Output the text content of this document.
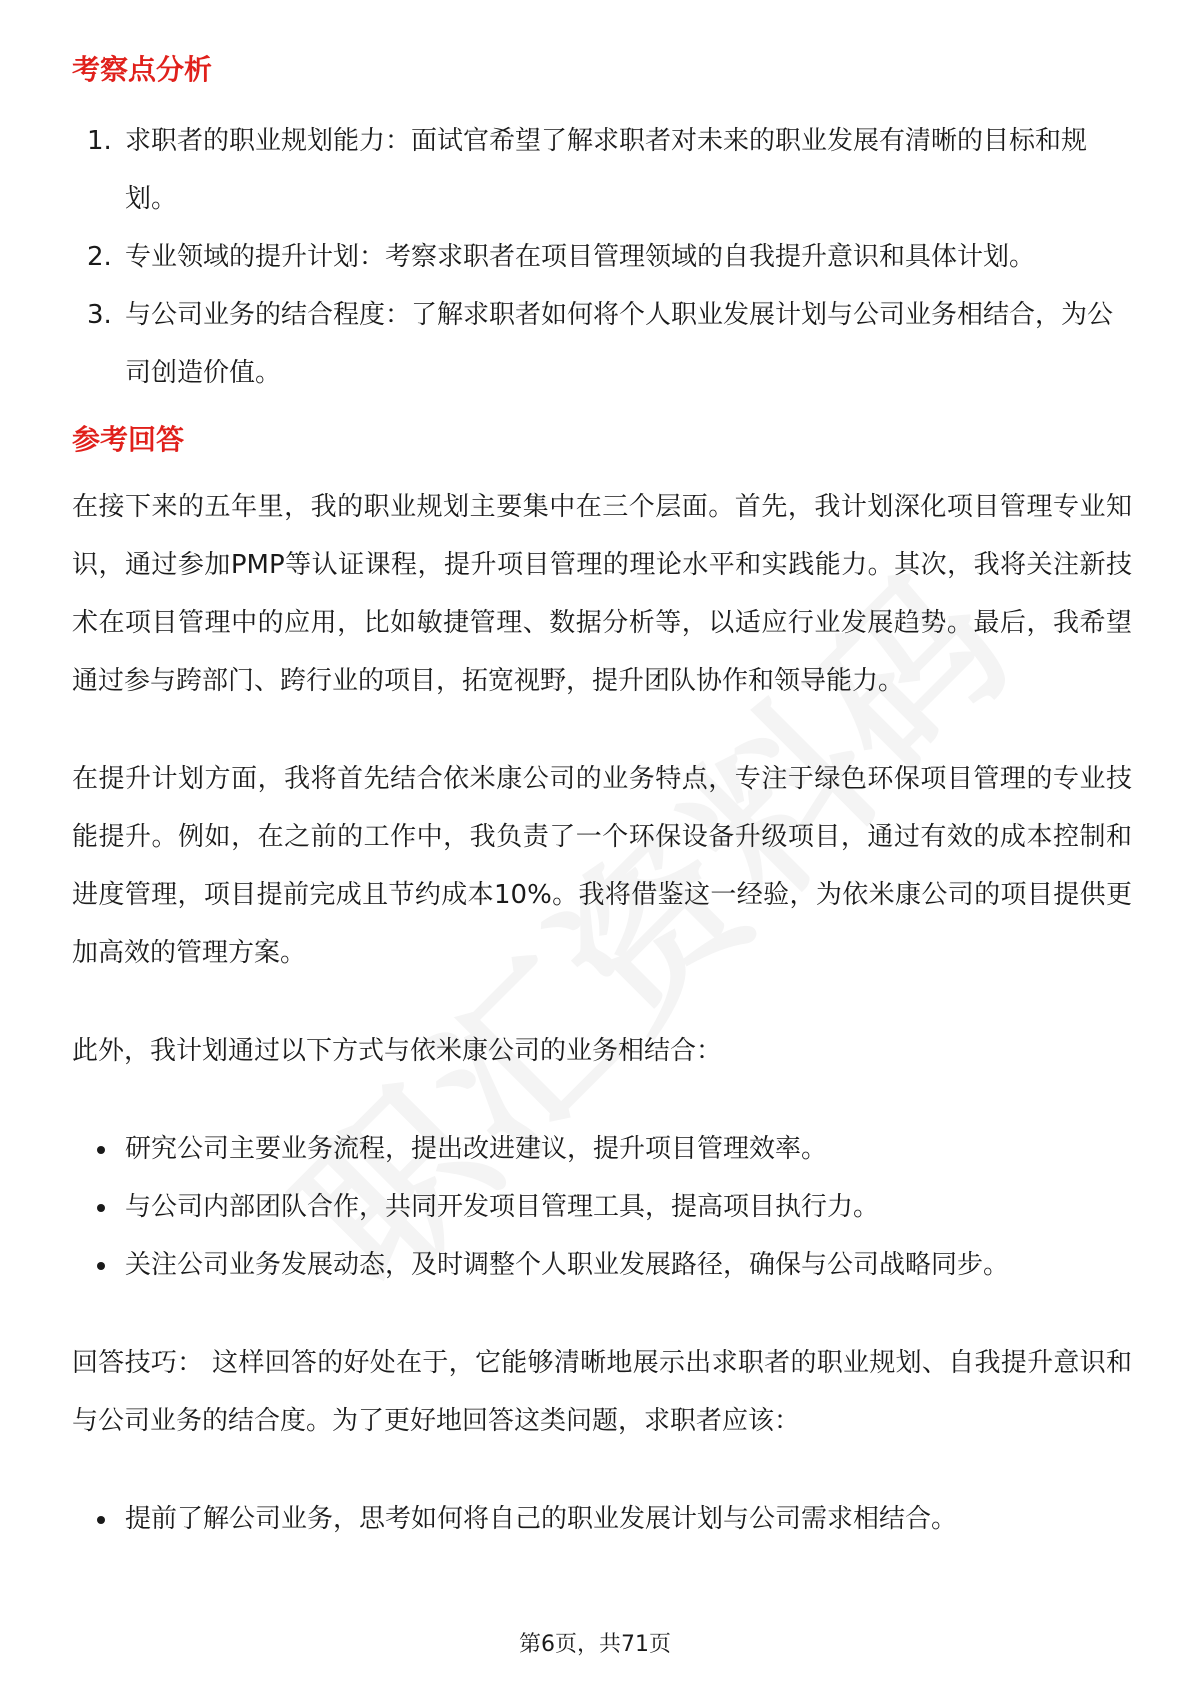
考察点分析
1. 求职者的职业规划能力：面试官希望了解求职者对未来的职业发展有清晰的目标和规划。
2. 专业领域的提升计划：考察求职者在项目管理领域的自我提升意识和具体计划。
3. 与公司业务的结合程度：了解求职者如何将个人职业发展计划与公司业务相结合，为公司创造价值。
参考回答

在接下来的五年里，我的职业规划主要集中在三个层面。首先，我计划深化项目管理专业知识，通过参加PMP等认证课程，提升项目管理的理论水平和实践能力。其次，我将关注新技术在项目管理中的应用，比如敏捷管理、数据分析等，以适应行业发展趋势。最后，我希望通过参与跨部门、跨行业的项目，拓宽视野，提升团队协作和领导能力。

在提升计划方面，我将首先结合依米康公司的业务特点，专注于绿色环保项目管理的专业技能提升。例如，在之前的工作中，我负责了一个环保设备升级项目，通过有效的成本控制和进度管理，项目提前完成且节约成本10%。我将借鉴这一经验，为依米康公司的项目提供更加高效的管理方案。

此外，我计划通过以下方式与依米康公司的业务相结合：

研究公司主要业务流程，提出改进建议，提升项目管理效率。
与公司内部团队合作，共同开发项目管理工具，提高项目执行力。
关注公司业务发展动态，及时调整个人职业发展路径，确保与公司战略同步。

回答技巧： 这样回答的好处在于，它能够清晰地展示出求职者的职业规划、自我提升意识和与公司业务的结合度。为了更好地回答这类问题，求职者应该：

提前了解公司业务，思考如何将自己的职业发展计划与公司需求相结合。
第6页，共71页
